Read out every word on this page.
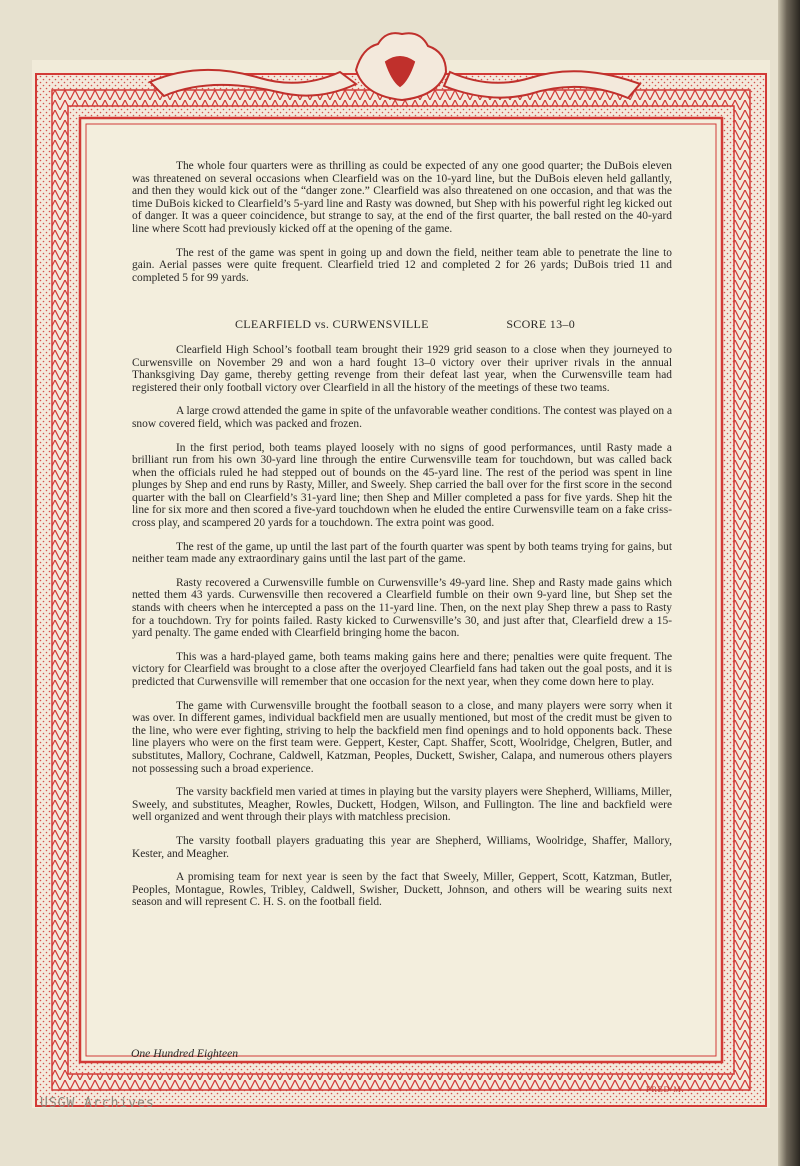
The whole four quarters were as thrilling as could be expected of any one good quarter; the DuBois eleven was threatened on several occasions when Clearfield was on the 10-yard line, but the DuBois eleven held gallantly, and then they would kick out of the “danger zone.” Clearfield was also threatened on one occasion, and that was the time DuBois kicked to Clearfield’s 5-yard line and Rasty was downed, but Shep with his powerful right leg kicked out of danger. It was a queer coincidence, but strange to say, at the end of the first quarter, the ball rested on the 40-yard line where Scott had previously kicked off at the opening of the game.

The rest of the game was spent in going up and down the field, neither team able to penetrate the line to gain. Aerial passes were quite frequent. Clearfield tried 12 and completed 2 for 26 yards; DuBois tried 11 and completed 5 for 99 yards.

CLEARFIELD vs. CURWENSVILLE	SCORE 13–0

Clearfield High School’s football team brought their 1929 grid season to a close when they journeyed to Curwensville on November 29 and won a hard fought 13–0 victory over their upriver rivals in the annual Thanksgiving Day game, thereby getting revenge from their defeat last year, when the Curwensville team had registered their only football victory over Clearfield in all the history of the meetings of these two teams.

A large crowd attended the game in spite of the unfavorable weather conditions. The contest was played on a snow covered field, which was packed and frozen.

In the first period, both teams played loosely with no signs of good performances, until Rasty made a brilliant run from his own 30-yard line through the entire Curwensville team for touchdown, but was called back when the officials ruled he had stepped out of bounds on the 45-yard line. The rest of the period was spent in line plunges by Shep and end runs by Rasty, Miller, and Sweely. Shep carried the ball over for the first score in the second quarter with the ball on Clearfield’s 31-yard line; then Shep and Miller completed a pass for five yards. Shep hit the line for six more and then scored a five-yard touchdown when he eluded the entire Curwensville team on a fake criss-cross play, and scampered 20 yards for a touchdown. The extra point was good.

The rest of the game, up until the last part of the fourth quarter was spent by both teams trying for gains, but neither team made any extraordinary gains until the last part of the game.

Rasty recovered a Curwensville fumble on Curwensville’s 49-yard line. Shep and Rasty made gains which netted them 43 yards. Curwensville then recovered a Clearfield fumble on their own 9-yard line, but Shep set the stands with cheers when he intercepted a pass on the 11-yard line. Then, on the next play Shep threw a pass to Rasty for a touchdown. Try for points failed. Rasty kicked to Curwensville’s 30, and just after that, Clearfield drew a 15-yard penalty. The game ended with Clearfield bringing home the bacon.

This was a hard-played game, both teams making gains here and there; penalties were quite frequent. The victory for Clearfield was brought to a close after the overjoyed Clearfield fans had taken out the goal posts, and it is predicted that Curwensville will remember that one occasion for the next year, when they come down here to play.

The game with Curwensville brought the football season to a close, and many players were sorry when it was over. In different games, individual backfield men are usually mentioned, but most of the credit must be given to the line, who were ever fighting, striving to help the backfield men find openings and to hold opponents back. These line players who were on the first team were. Geppert, Kester, Capt. Shaffer, Scott, Woolridge, Chelgren, Butler, and substitutes, Mallory, Cochrane, Caldwell, Katzman, Peoples, Duckett, Swisher, Calapa, and numerous others players not possessing such a broad experience.

The varsity backfield men varied at times in playing but the varsity players were Shepherd, Williams, Miller, Sweely, and substitutes, Meagher, Rowles, Duckett, Hodgen, Wilson, and Fullington. The line and backfield were well organized and went through their plays with matchless precision.

The varsity football players graduating this year are Shepherd, Williams, Woolridge, Shaffer, Mallory, Kester, and Meagher.

A promising team for next year is seen by the fact that Sweely, Miller, Geppert, Scott, Katzman, Butler, Peoples, Montague, Rowles, Tribley, Caldwell, Swisher, Duckett, Johnson, and others will be wearing suits next season and will represent C. H. S. on the football field.

One Hundred Eighteen
FRED M.
USGW Archives
